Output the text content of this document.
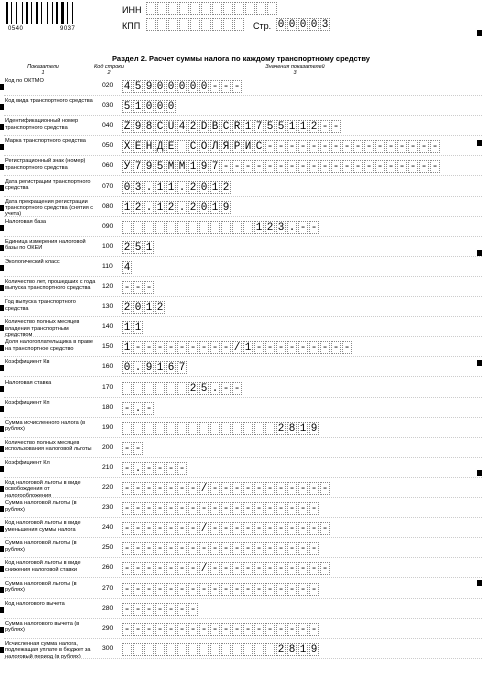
0540	9037
ИНН
КПП	Стр. 0 0 0 0 3
Раздел 2. Расчет суммы налога по каждому транспортному средству
Показатели
1
Код строки
2
Значения показателей
3
Код по ОКТМО
020 4 5 9 0 0 0 0 0 - - -
Код вида транспортного средства
030 5 1 0 0 0
Идентификационный номер транспортного средства	040 Z 9 8 C U 4 2 D B C R 1 7 5 5 1 1 2 - -
Марка транспортного средства
050 Х Е Н Д Е С О Л Я Р И С - - - - - - - - - - - - - - - -
Регистрационный знак (номер) транспортного средства	060 У 7 9 5 М М 1 9 7 - - - - - - - - - - - - - - - - - - - -
Дата регистрации транспортного средства	070 0 3 . 1 1 . 2 0 1 2
Дата прекращения регистрации транспортного средства (снятия с учета)
080 1 2 . 1 2 . 2 0 1 9
Налоговая база
090	1 2 3 . - -
Единица измерения налоговой базы по ОКЕИ	100 2 5 1
Экологический класс
110 4
Количество лет, прошедших с года выпуска транспортного средства	120 - - -
Год выпуска транспортного средства	130 2 0 1 2
Количество полных месяцев владения транспортным средством
140 1 1
Доля налогоплательщика в праве на транспортное средство	150 1 - - - - - - - - - / 1 - - - - - - - - -
Коэффициент Кв
160 0 . 9 1 6 7
Налоговая ставка
170	2 5 . - -
Коэффициент Кп
180 - . -
Сумма исчисленного налога (в рублях)	190	2 8 1 9
Количество полных месяцев использования налоговой льготы	200 - -
Коэффициент Кл
210 - . - - - -
Код налоговой льготы в виде освобождения от налогообложения
220 - - - - - - - / - - - - - - - - - - -
Сумма налоговой льготы (в рублях)	230 - - - - - - - - - - - - - - - - - -
Код налоговой льготы в виде уменьшения суммы налога	240 - - - - - - - / - - - - - - - - - - -
Сумма налоговой льготы (в рублях)	250 - - - - - - - - - - - - - - - - - -
Код налоговой льготы в виде снижения налоговой ставки	260 - - - - - - - / - - - - - - - - - - -
Сумма налоговой льготы (в рублях)	270 - - - - - - - - - - - - - - - - - -
Код налогового вычета
280 - - - - - - -
Сумма налогового вычета (в рублях)	290 - - - - - - - - - - - - - - - - - -
Исчисленная сумма налога, подлежащая уплате в бюджет за налоговый период (в рублях)
300	2 8 1 9
